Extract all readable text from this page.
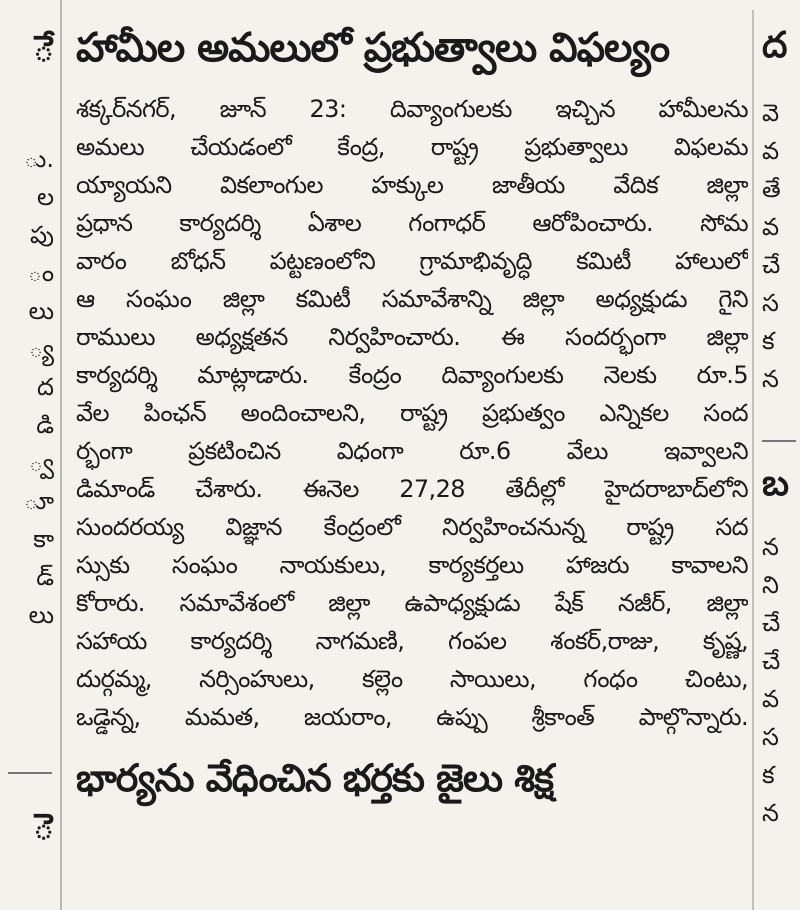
ే
ు.
ల
పు
ం
లు
్య
ద
డి
్వ
ూ
కా
డ్
లు
ె
హామీల అమలులో ప్రభుత్వాలు విఫల్యం
శక్కర్‌నగర్, జూన్ 23: దివ్యాంగులకు ఇచ్చిన హామీలను
అమలు చేయడంలో కేంద్ర, రాష్ట్ర ప్రభుత్వాలు విఫలమ
య్యాయని వికలాంగుల హక్కుల జాతీయ వేదిక జిల్లా
ప్రధాన కార్యదర్శి ఏశాల గంగాధర్ ఆరోపించారు. సోమ
వారం బోధన్ పట్టణంలోని గ్రామాభివృద్ధి కమిటీ హాలులో
ఆ సంఘం జిల్లా కమిటీ సమావేశాన్ని జిల్లా అధ్యక్షుడు గైని
రాములు అధ్యక్షతన నిర్వహించారు. ఈ సందర్భంగా జిల్లా
కార్యదర్శి మాట్లాడారు. కేంద్రం దివ్యాంగులకు నెలకు రూ.5
వేల పింఛన్ అందించాలని, రాష్ట్ర ప్రభుత్వం ఎన్నికల సంద
ర్భంగా ప్రకటించిన విధంగా రూ.6 వేలు ఇవ్వాలని
డిమాండ్ చేశారు. ఈనెల 27,28 తేదీల్లో హైదరాబాద్‌లోని
సుందరయ్య విజ్ఞాన కేంద్రంలో నిర్వహించనున్న రాష్ట్ర సద
స్సుకు సంఘం నాయకులు, కార్యకర్తలు హాజరు కావాలని
కోరారు. సమావేశంలో జిల్లా ఉపాధ్యక్షుడు షేక్ నజీర్, జిల్లా
సహాయ కార్యదర్శి నాగమణి, గంపల శంకర్,రాజు, కృష్ణ,
దుర్గమ్మ, నర్సింహులు, కల్లెం సాయిలు, గంధం చింటు,
ఒడ్డెన్న, మమత, జయరాం, ఉప్పు శ్రీకాంత్ పాల్గొన్నారు.
భార్యను వేధించిన భర్తకు జైలు శిక్ష
ద
వె
వ
తే
వ
చే
స
క
న
బ
న
ని
చే
చే
వ
స
క
న
